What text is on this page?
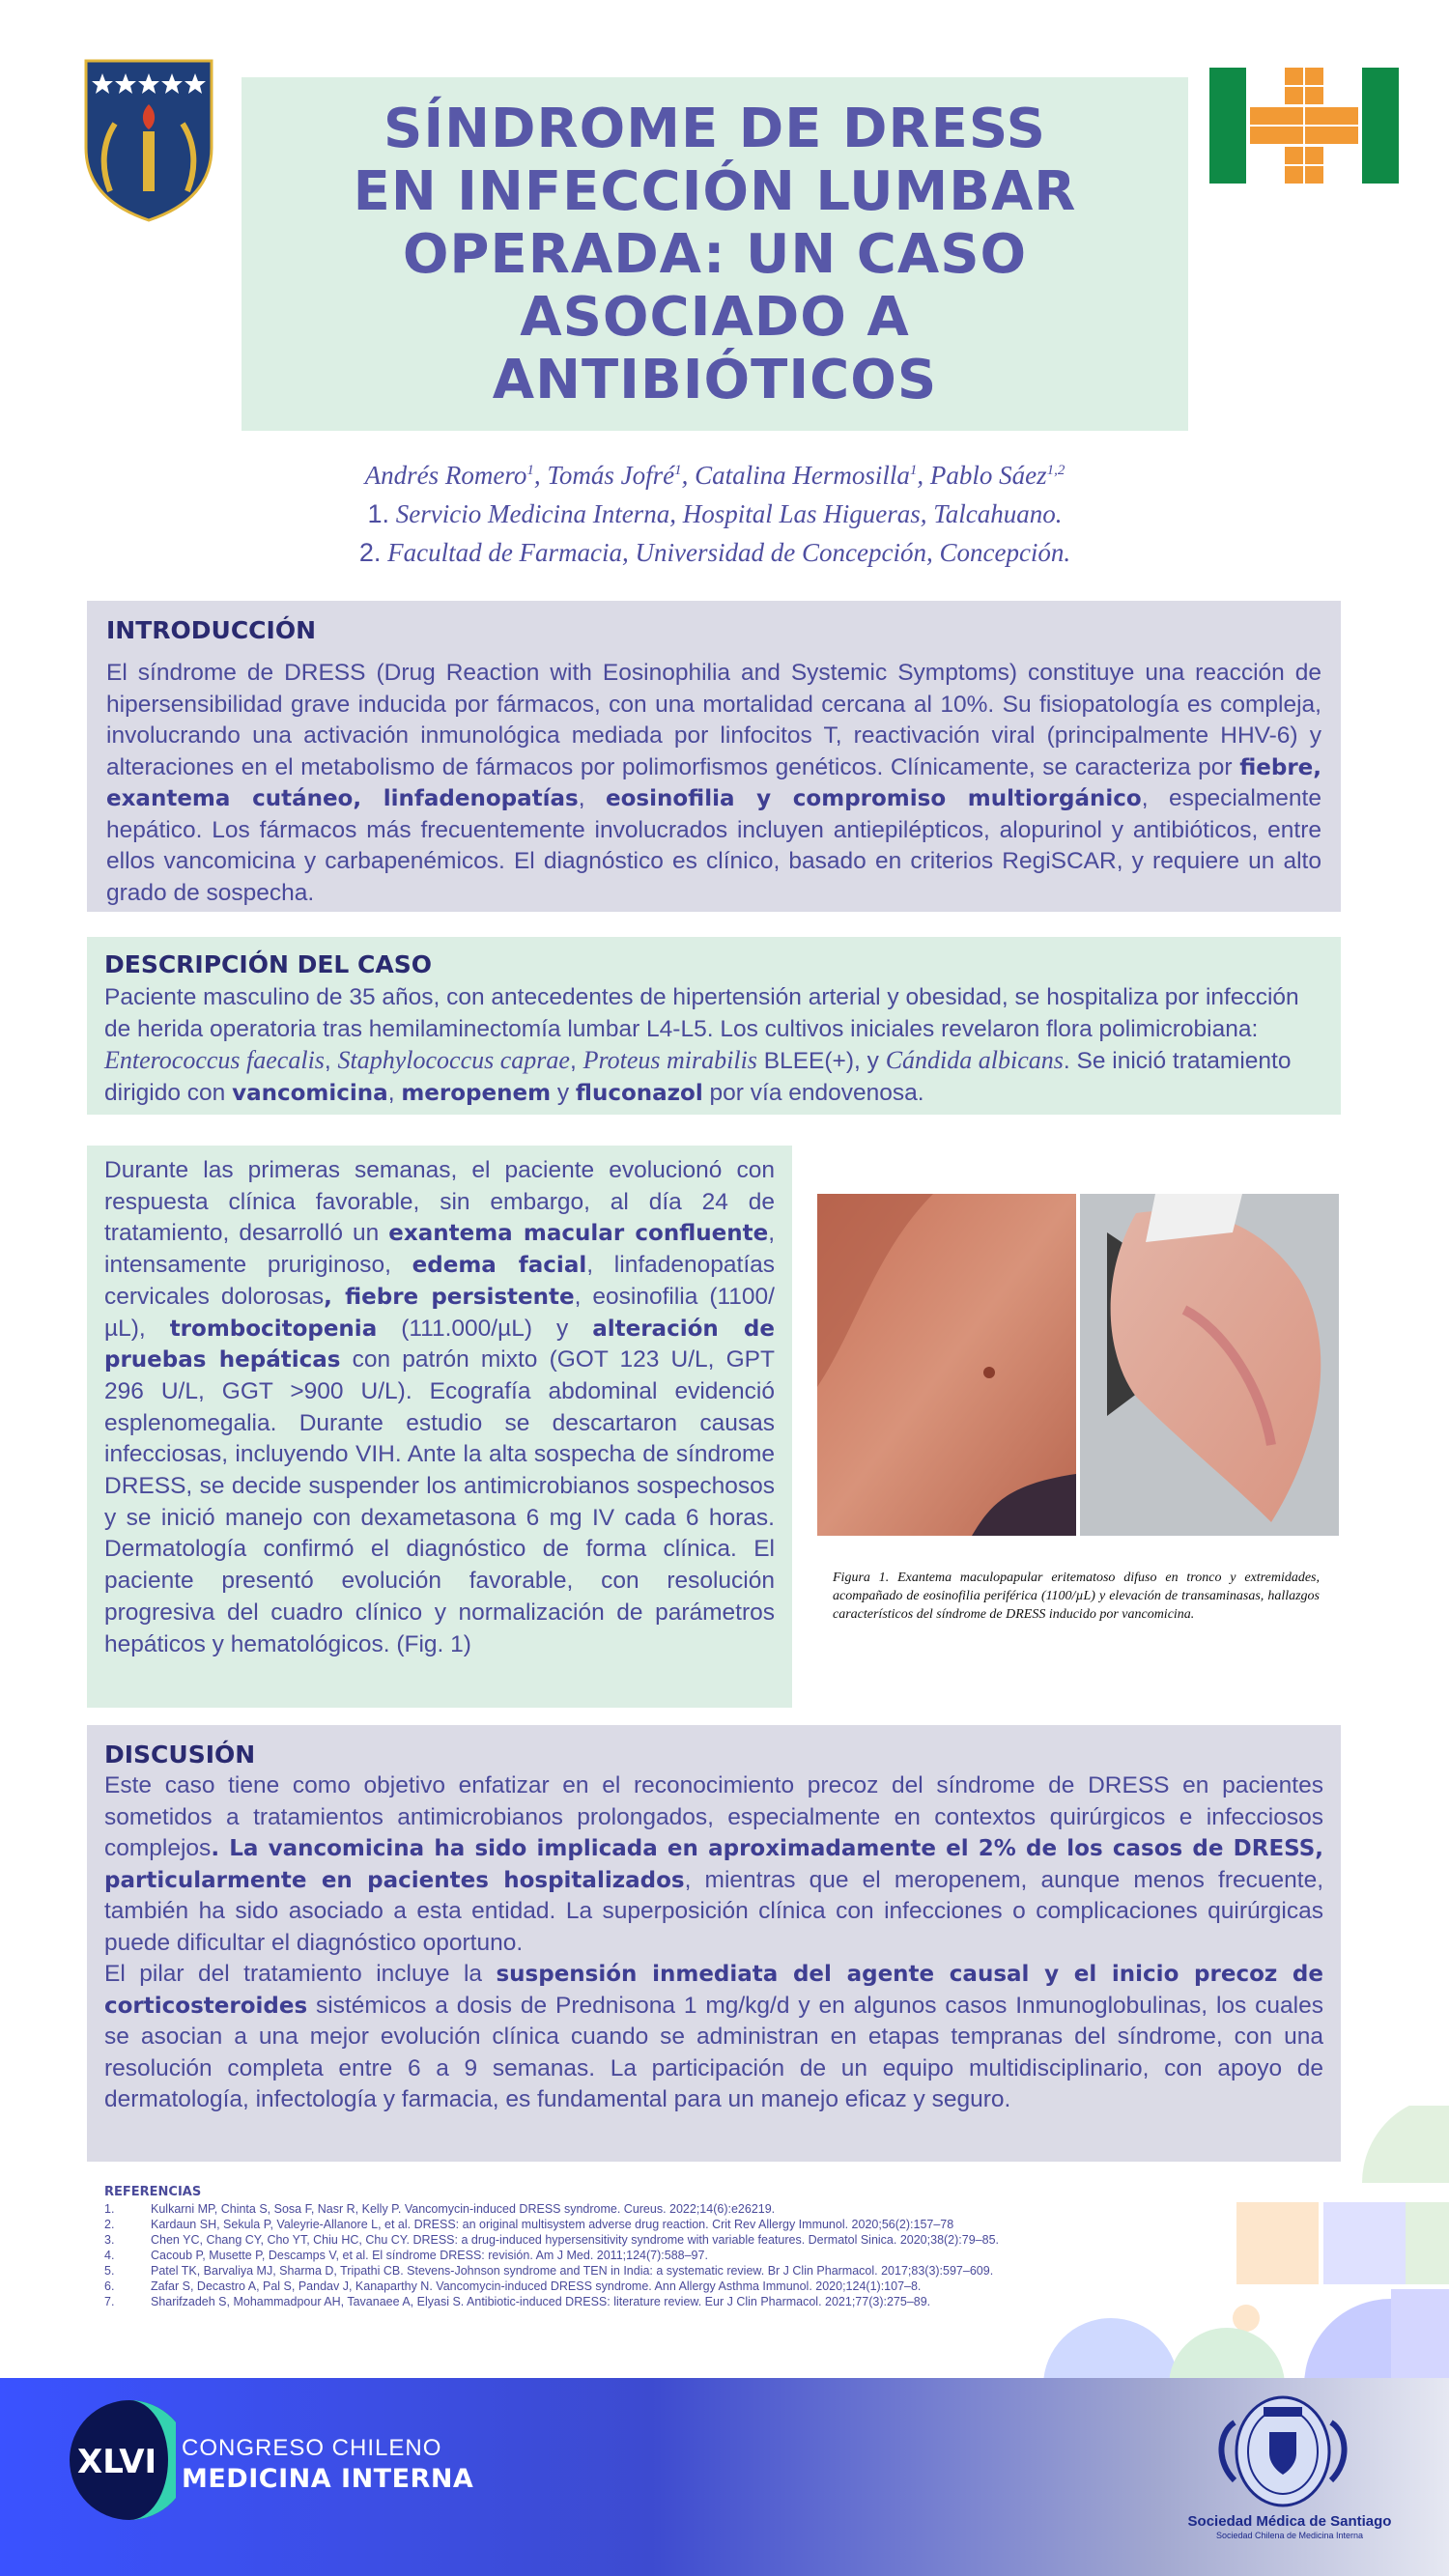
SÍNDROME DE DRESS
EN INFECCIÓN LUMBAR
OPERADA: UN CASO
ASOCIADO A
ANTIBIÓTICOS
Andrés Romero$^1$, Tomás Jofré$^1$, Catalina Hermosilla$^1$, Pablo Sáez$^{1,2}$
1. Servicio Medicina Interna, Hospital Las Higueras, Talcahuano.
2. Facultad de Farmacia, Universidad de Concepción, Concepción.
INTRODUCCIÓN

El síndrome de DRESS (Drug Reaction with Eosinophilia and Systemic Symptoms) constituye una reacción de hipersensibilidad grave inducida por fármacos, con una mortalidad cercana al 10%. Su fisiopatología es compleja, involucrando una activación inmunológica mediada por linfocitos T, reactivación viral (principalmente HHV-6) y alteraciones en el metabolismo de fármacos por polimorfismos genéticos. Clínicamente, se caracteriza por fiebre, exantema cutáneo, linfadenopatías, eosinofilia y compromiso multiorgánico, especialmente hepático. Los fármacos más frecuentemente involucrados incluyen antiepilépticos, alopurinol y antibióticos, entre ellos vancomicina y carbapenémicos. El diagnóstico es clínico, basado en criterios RegiSCAR, y requiere un alto grado de sospecha.

DESCRIPCIÓN DEL CASO

Paciente masculino de 35 años, con antecedentes de hipertensión arterial y obesidad, se hospitaliza por infección de herida operatoria tras hemilaminectomía lumbar L4-L5. Los cultivos iniciales revelaron flora polimicrobiana: Enterococcus faecalis, Staphylococcus caprae, Proteus mirabilis BLEE(+), y Cándida albicans. Se inició tratamiento dirigido con vancomicina, meropenem y fluconazol por vía endovenosa.

Durante las primeras semanas, el paciente evolucionó con respuesta clínica favorable, sin embargo, al día 24 de tratamiento, desarrolló un exantema macular confluente, intensamente pruriginoso, edema facial, linfadenopatías cervicales dolorosas, fiebre persistente, eosinofilia (1100/µL), trombocitopenia (111.000/µL) y alteración de pruebas hepáticas con patrón mixto (GOT 123 U/L, GPT 296 U/L, GGT >900 U/L). Ecografía abdominal evidenció esplenomegalia. Durante estudio se descartaron causas infecciosas, incluyendo VIH. Ante la alta sospecha de síndrome DRESS, se decide suspender los antimicrobianos sospechosos y se inició manejo con dexametasona 6 mg IV cada 6 horas. Dermatología confirmó el diagnóstico de forma clínica. El paciente presentó evolución favorable, con resolución progresiva del cuadro clínico y normalización de parámetros hepáticos y hematológicos. (Fig. 1)

Figura 1. Exantema maculopapular eritematoso difuso en tronco y extremidades, acompañado de eosinofilia periférica (1100/µL) y elevación de transaminasas, hallazgos característicos del síndrome de DRESS inducido por vancomicina.

DISCUSIÓN

Este caso tiene como objetivo enfatizar en el reconocimiento precoz del síndrome de DRESS en pacientes sometidos a tratamientos antimicrobianos prolongados, especialmente en contextos quirúrgicos e infecciosos complejos. La vancomicina ha sido implicada en aproximadamente el 2% de los casos de DRESS, particularmente en pacientes hospitalizados, mientras que el meropenem, aunque menos frecuente, también ha sido asociado a esta entidad. La superposición clínica con infecciones o complicaciones quirúrgicas puede dificultar el diagnóstico oportuno.

El pilar del tratamiento incluye la suspensión inmediata del agente causal y el inicio precoz de corticosteroides sistémicos a dosis de Prednisona 1 mg/kg/d y en algunos casos Inmunoglobulinas, los cuales se asocian a una mejor evolución clínica cuando se administran en etapas tempranas del síndrome, con una resolución completa entre 6 a 9 semanas. La participación de un equipo multidisciplinario, con apoyo de dermatología, infectología y farmacia, es fundamental para un manejo eficaz y seguro.

REFERENCIAS
1.	Kulkarni MP, Chinta S, Sosa F, Nasr R, Kelly P. Vancomycin-induced DRESS syndrome. Cureus. 2022;14(6):e26219.
2.	Kardaun SH, Sekula P, Valeyrie-Allanore L, et al. DRESS: an original multisystem adverse drug reaction. Crit Rev Allergy Immunol. 2020;56(2):157–78
3.	Chen YC, Chang CY, Cho YT, Chiu HC, Chu CY. DRESS: a drug-induced hypersensitivity syndrome with variable features. Dermatol Sinica. 2020;38(2):79–85.
4.	Cacoub P, Musette P, Descamps V, et al. El síndrome DRESS: revisión. Am J Med. 2011;124(7):588–97.
5.	Patel TK, Barvaliya MJ, Sharma D, Tripathi CB. Stevens-Johnson syndrome and TEN in India: a systematic review. Br J Clin Pharmacol. 2017;83(3):597–609.
6.	Zafar S, Decastro A, Pal S, Pandav J, Kanaparthy N. Vancomycin-induced DRESS syndrome. Ann Allergy Asthma Immunol. 2020;124(1):107–8.
7.	Sharifzadeh S, Mohammadpour AH, Tavanaee A, Elyasi S. Antibiotic-induced DRESS: literature review. Eur J Clin Pharmacol. 2021;77(3):275–89.
XLVI CONGRESO CHILENO
MEDICINA INTERNA
Sociedad Médica de Santiago
Sociedad Chilena de Medicina Interna
